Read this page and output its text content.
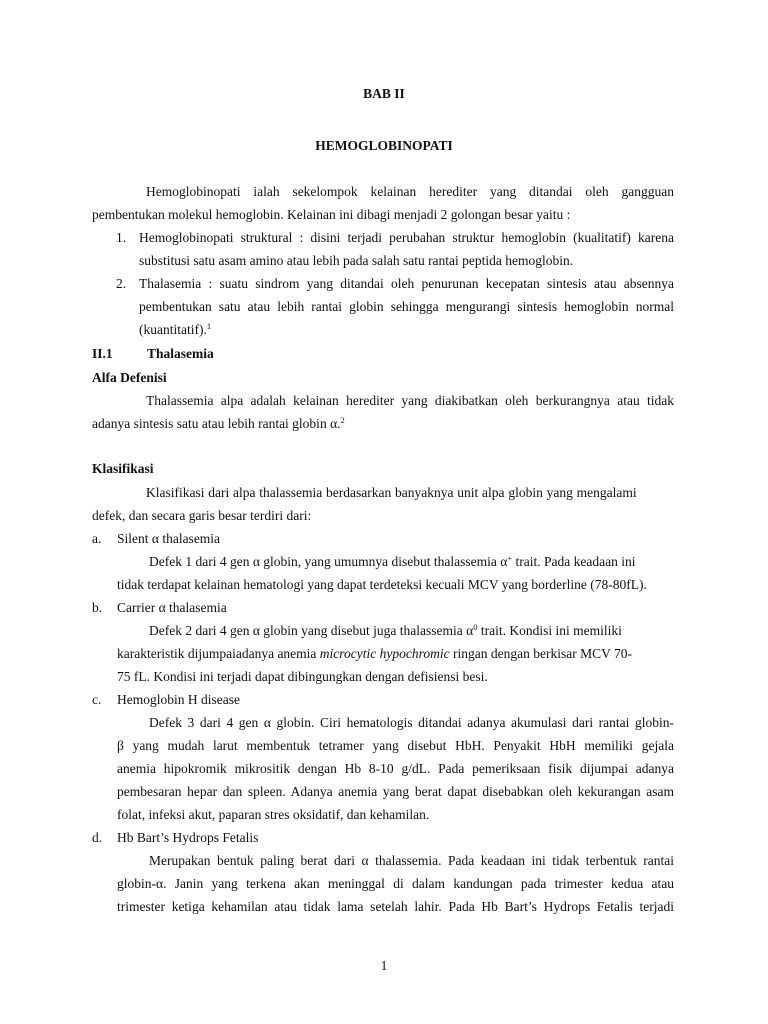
BAB II
HEMOGLOBINOPATI
Hemoglobinopati ialah sekelompok kelainan herediter yang ditandai oleh gangguan
pembentukan molekul hemoglobin. Kelainan ini dibagi menjadi 2 golongan besar yaitu :
1. Hemoglobinopati struktural : disini terjadi perubahan struktur hemoglobin (kualitatif) karena
substitusi satu asam amino atau lebih pada salah satu rantai peptida hemoglobin.
2. Thalasemia : suatu sindrom yang ditandai oleh penurunan kecepatan sintesis atau absennya
pembentukan satu atau lebih rantai globin sehingga mengurangi sintesis hemoglobin normal
(kuantitatif).$^1$
II.1	Thalasemia
Alfa Defenisi
Thalassemia alpa adalah kelainan herediter yang diakibatkan oleh berkurangnya atau tidak
adanya sintesis satu atau lebih rantai globin α.$^2$
Klasifikasi
Klasifikasi dari alpa thalassemia berdasarkan banyaknya unit alpa globin yang mengalami
defek, dan secara garis besar terdiri dari:
a. Silent α thalasemia
Defek 1 dari 4 gen α globin, yang umumnya disebut thalassemia α+ trait. Pada keadaan ini
tidak terdapat kelainan hematologi yang dapat terdeteksi kecuali MCV yang borderline (78-80fL).
b. Carrier α thalasemia
Defek 2 dari 4 gen α globin yang disebut juga thalassemia $\alpha^0$ trait. Kondisi ini memiliki
karakteristik dijumpaiadanya anemia microcytic hypochromic ringan dengan berkisar MCV 70-
75 fL. Kondisi ini terjadi dapat dibingungkan dengan defisiensi besi.
c. Hemoglobin H disease
Defek 3 dari 4 gen α globin. Ciri hematologis ditandai adanya akumulasi dari rantai globin-
β yang mudah larut membentuk tetramer yang disebut HbH. Penyakit HbH memiliki gejala
anemia hipokromik mikrositik dengan Hb 8-10 g/dL. Pada pemeriksaan fisik dijumpai adanya
pembesaran hepar dan spleen. Adanya anemia yang berat dapat disebabkan oleh kekurangan asam
folat, infeksi akut, paparan stres oksidatif, dan kehamilan.
d. Hb Bart’s Hydrops Fetalis
Merupakan bentuk paling berat dari α thalassemia. Pada keadaan ini tidak terbentuk rantai
globin-α. Janin yang terkena akan meninggal di dalam kandungan pada trimester kedua atau
trimester ketiga kehamilan atau tidak lama setelah lahir. Pada Hb Bart’s Hydrops Fetalis terjadi
1
